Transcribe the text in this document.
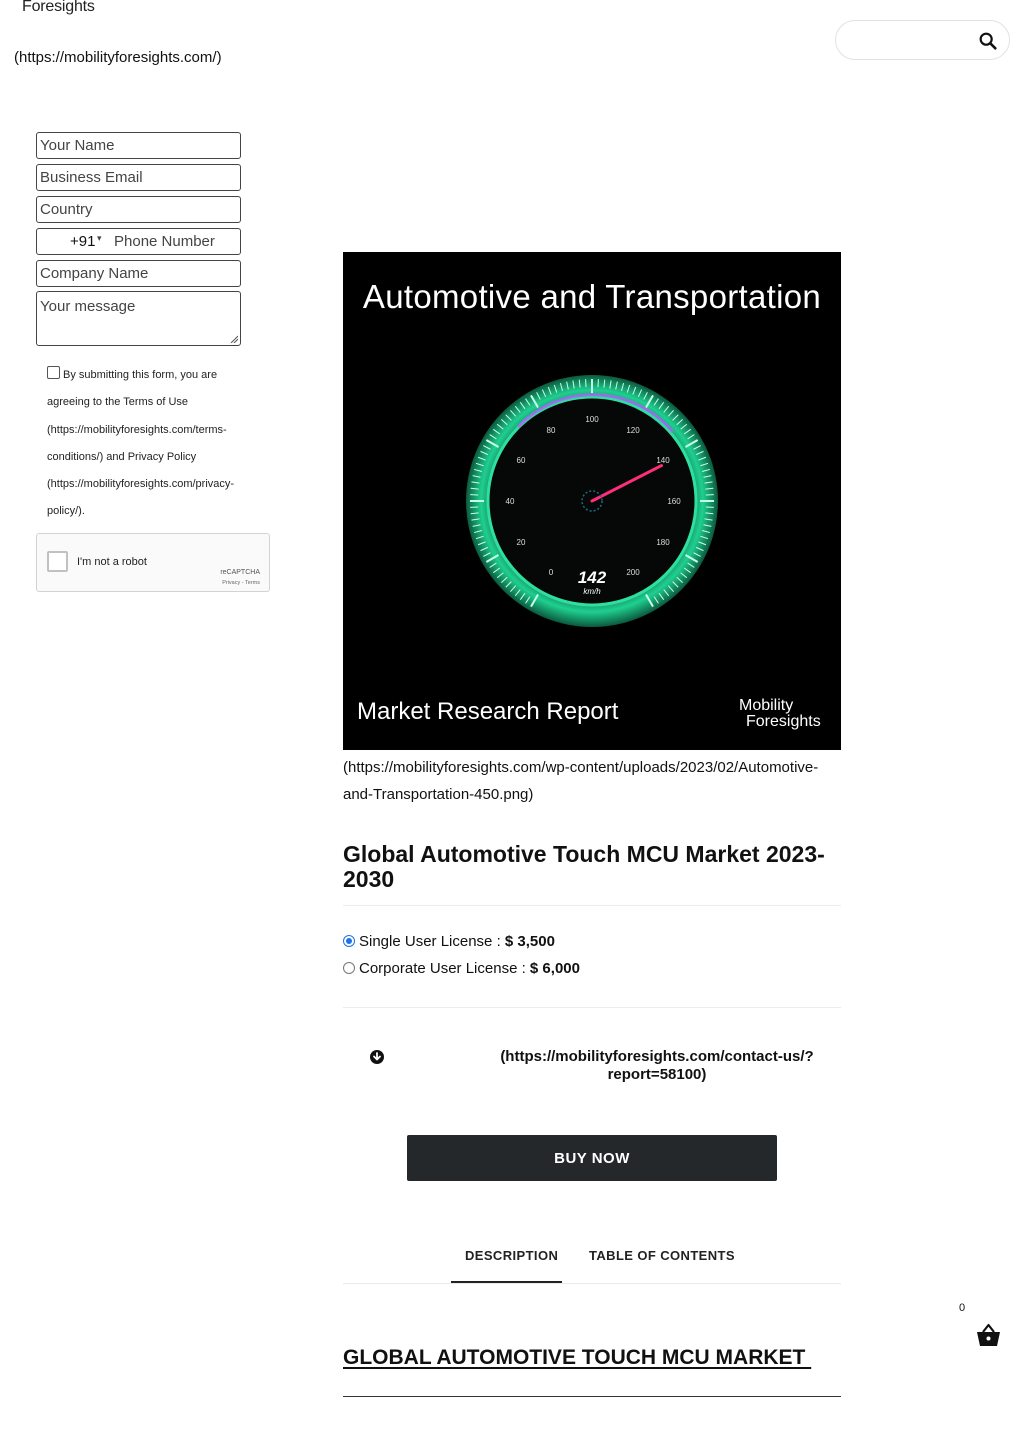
Foresights
(https://mobilityforesights.com/)
Your Name
Business Email
Country
+91 ▾ Phone Number
Company Name
Your message
By submitting this form, you are agreeing to the Terms of Use (https://mobilityforesights.com/terms-conditions/) and Privacy Policy (https://mobilityforesights.com/privacy-policy/).
I'm not a robot
reCAPTCHA
Privacy - Terms
Automotive and Transportation
0
20
40
60
80
100
120
140
160
180
200
142
km/h
Market Research Report	Mobility
Foresights
(https://mobilityforesights.com/wp-content/uploads/2023/02/Automotive-and-Transportation-450.png)
Global Automotive Touch MCU Market 2023-2030
Single User License : $ 3,500
Corporate User License : $ 6,000
(https://mobilityforesights.com/contact-us/?report=58100)
BUY NOW
DESCRIPTION TABLE OF CONTENTS
GLOBAL AUTOMOTIVE TOUCH MCU MARKET
0
